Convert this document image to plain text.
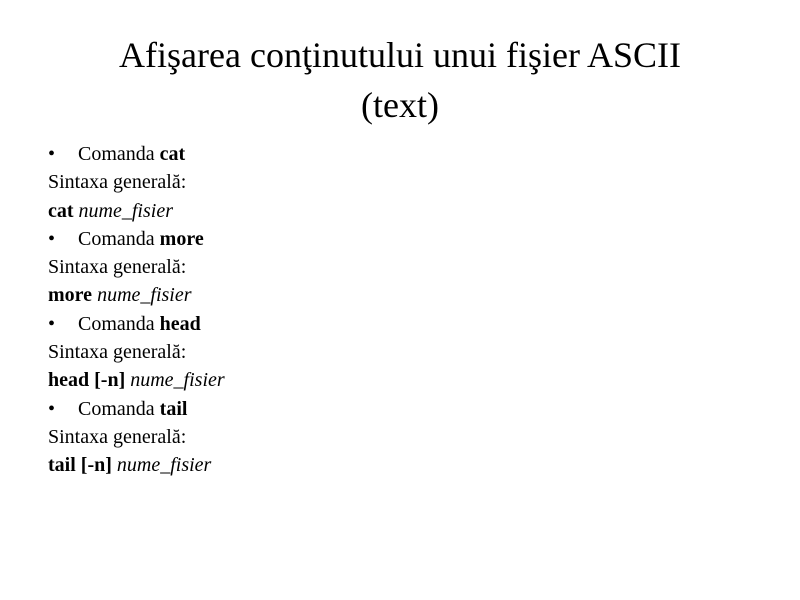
Afişarea conţinutului unui fişier ASCII
(text)
• Comanda cat
Sintaxa generală:
cat nume_fisier
• Comanda more
Sintaxa generală:
more nume_fisier
• Comanda head
Sintaxa generală:
head [-n] nume_fisier
• Comanda tail
Sintaxa generală:
tail [-n] nume_fisier
